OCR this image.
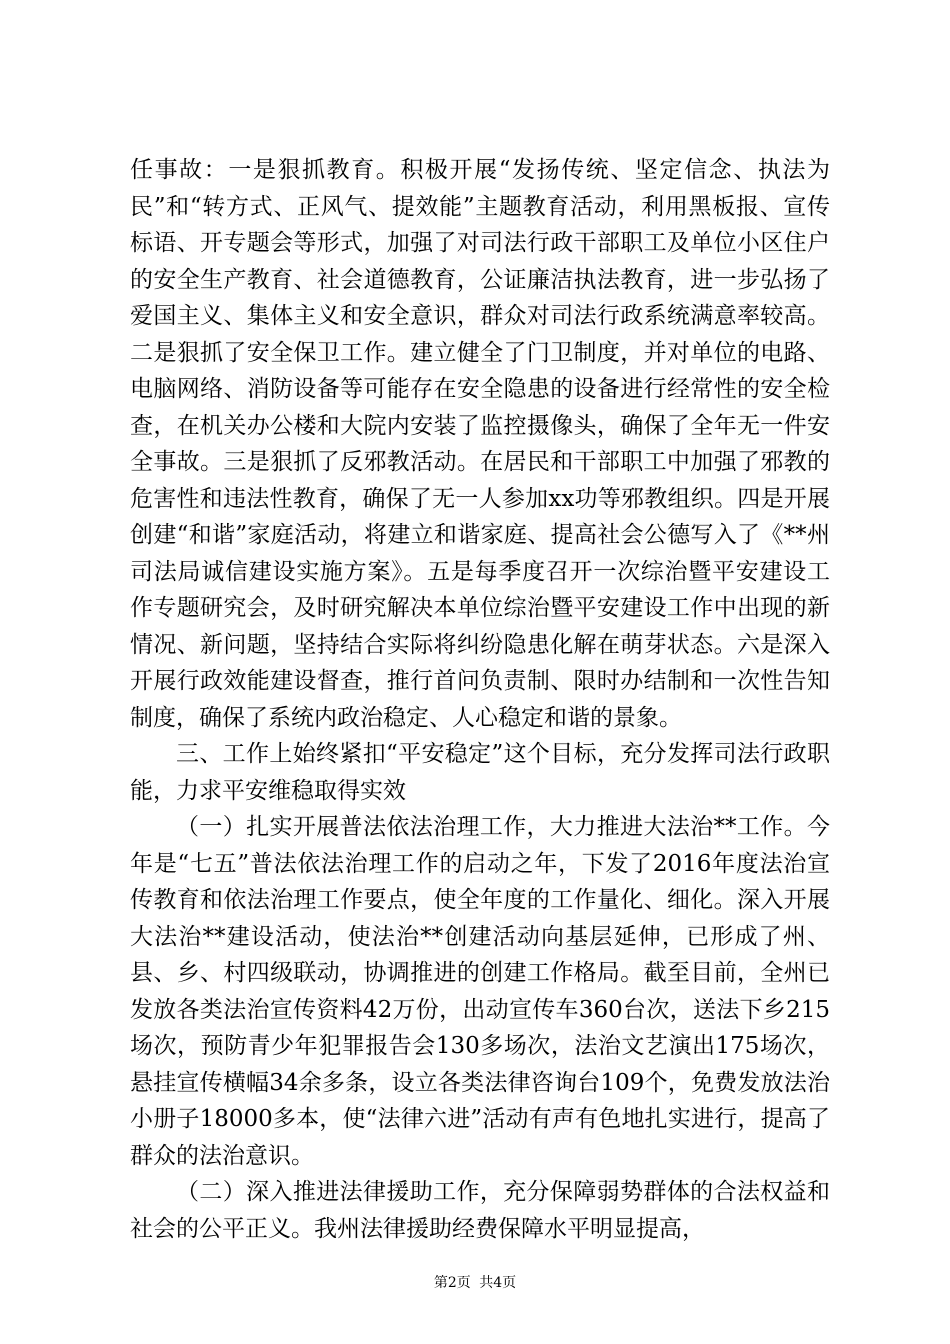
任事故：一是狠抓教育。积极开展“发扬传统、坚定信念、执法为民”和“转方式、正风气、提效能”主题教育活动，利用黑板报、宣传标语、开专题会等形式，加强了对司法行政干部职工及单位小区住户的安全生产教育、社会道德教育，公证廉洁执法教育，进一步弘扬了爱国主义、集体主义和安全意识，群众对司法行政系统满意率较高。二是狠抓了安全保卫工作。建立健全了门卫制度，并对单位的电路、电脑网络、消防设备等可能存在安全隐患的设备进行经常性的安全检查，在机关办公楼和大院内安装了监控摄像头，确保了全年无一件安全事故。三是狠抓了反邪教活动。在居民和干部职工中加强了邪教的危害性和违法性教育，确保了无一人参加xx功等邪教组织。四是开展创建“和谐”家庭活动，将建立和谐家庭、提高社会公德写入了《**州司法局诚信建设实施方案》。五是每季度召开一次综治暨平安建设工作专题研究会，及时研究解决本单位综治暨平安建设工作中出现的新情况、新问题，坚持结合实际将纠纷隐患化解在萌芽状态。六是深入开展行政效能建设督查，推行首问负责制、限时办结制和一次性告知制度，确保了系统内政治稳定、人心稳定和谐的景象。

三、工作上始终紧扣“平安稳定”这个目标，充分发挥司法行政职能，力求平安维稳取得实效

（一）扎实开展普法依法治理工作，大力推进大法治**工作。今年是“七五”普法依法治理工作的启动之年，下发了2016年度法治宣传教育和依法治理工作要点，使全年度的工作量化、细化。深入开展大法治**建设活动，使法治**创建活动向基层延伸，已形成了州、县、乡、村四级联动，协调推进的创建工作格局。截至目前，全州已发放各类法治宣传资料42万份，出动宣传车360台次，送法下乡215场次，预防青少年犯罪报告会130多场次，法治文艺演出175场次，悬挂宣传横幅34余多条，设立各类法律咨询台109个，免费发放法治小册子18000多本，使“法律六进”活动有声有色地扎实进行，提高了群众的法治意识。

（二）深入推进法律援助工作，充分保障弱势群体的合法权益和社会的公平正义。我州法律援助经费保障水平明显提高，

第2页 共4页
